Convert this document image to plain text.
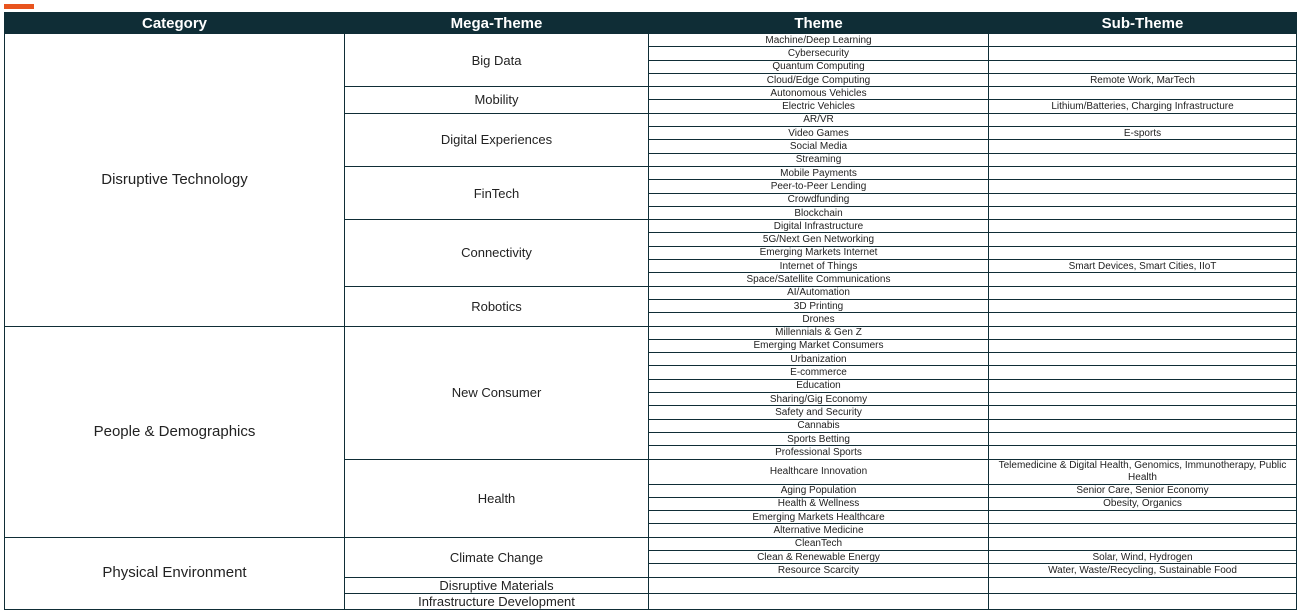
Category	Mega-Theme	Theme	Sub-Theme
Disruptive Technology	Big Data	Machine/Deep Learning	
		Cybersecurity	
		Quantum Computing	
		Cloud/Edge Computing	Remote Work, MarTech
	Mobility	Autonomous Vehicles	
		Electric Vehicles	Lithium/Batteries, Charging Infrastructure
	Digital Experiences	AR/VR	
		Video Games	E-sports
		Social Media	
		Streaming	
	FinTech	Mobile Payments	
		Peer-to-Peer Lending	
		Crowdfunding	
		Blockchain	
	Connectivity	Digital Infrastructure	
		5G/Next Gen Networking	
		Emerging Markets Internet	
		Internet of Things	Smart Devices, Smart Cities, IIoT
		Space/Satellite Communications	
	Robotics	AI/Automation	
		3D Printing	
		Drones	
People & Demographics	New Consumer	Millennials & Gen Z	
		Emerging Market Consumers	
		Urbanization	
		E-commerce	
		Education	
		Sharing/Gig Economy	
		Safety and Security	
		Cannabis	
		Sports Betting	
		Professional Sports	
	Health	Healthcare Innovation	Telemedicine & Digital Health, Genomics, Immunotherapy, Public Health
		Aging Population	Senior Care, Senior Economy
		Health & Wellness	Obesity, Organics
		Emerging Markets Healthcare	
		Alternative Medicine	
Physical Environment	Climate Change	CleanTech	
		Clean & Renewable Energy	Solar, Wind, Hydrogen
		Resource Scarcity	Water, Waste/Recycling, Sustainable Food
	Disruptive Materials		
	Infrastructure Development		
